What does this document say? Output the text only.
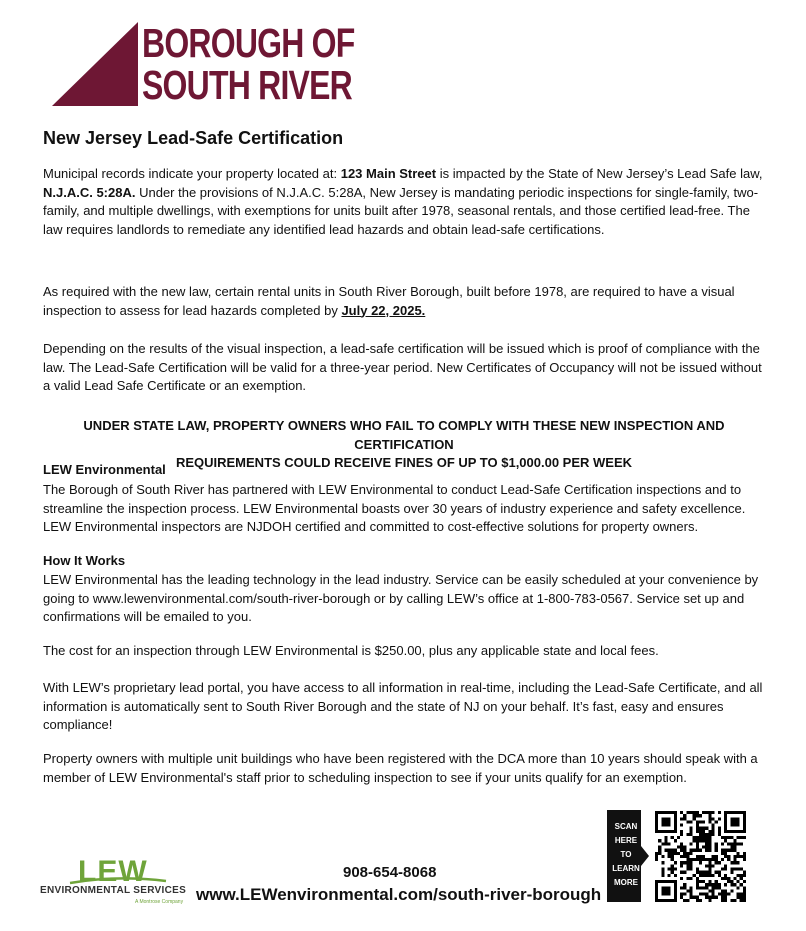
BOROUGH OF
SOUTH RIVER
New Jersey Lead-Safe Certification
Municipal records indicate your property located at: 123 Main Street is impacted by the State of New Jersey’s Lead Safe law, N.J.A.C. 5:28A. Under the provisions of N.J.A.C. 5:28A, New Jersey is mandating periodic inspections for single-family, two-family, and multiple dwellings, with exemptions for units built after 1978, seasonal rentals, and those certified lead-free. The law requires landlords to remediate any identified lead hazards and obtain lead-safe certifications.
As required with the new law, certain rental units in South River Borough, built before 1978, are required to have a visual inspection to assess for lead hazards completed by July 22, 2025.
Depending on the results of the visual inspection, a lead-safe certification will be issued which is proof of compliance with the law. The Lead-Safe Certification will be valid for a three-year period. New Certificates of Occupancy will not be issued without a valid Lead Safe Certificate or an exemption.
UNDER STATE LAW, PROPERTY OWNERS WHO FAIL TO COMPLY WITH THESE NEW INSPECTION AND CERTIFICATION
REQUIREMENTS COULD RECEIVE FINES OF UP TO $1,000.00 PER WEEK
LEW Environmental
The Borough of South River has partnered with LEW Environmental to conduct Lead-Safe Certification inspections and to streamline the inspection process. LEW Environmental boasts over 30 years of industry experience and safety excellence. LEW Environmental inspectors are NJDOH certified and committed to cost-effective solutions for property owners.
How It Works
LEW Environmental has the leading technology in the lead industry. Service can be easily scheduled at your convenience by going to www.lewenvironmental.com/south-river-borough or by calling LEW’s office at 1-800-783-0567. Service set up and confirmations will be emailed to you.
The cost for an inspection through LEW Environmental is $250.00, plus any applicable state and local fees.
With LEW’s proprietary lead portal, you have access to all information in real-time, including the Lead-Safe Certificate, and all information is automatically sent to South River Borough and the state of NJ on your behalf. It’s fast, easy and ensures compliance!
Property owners with multiple unit buildings who have been registered with the DCA more than 10 years should speak with a member of LEW Environmental's staff prior to scheduling inspection to see if your units qualify for an exemption.
LEW
ENVIRONMENTAL SERVICES
A Montrose Company
908-654-8068
www.LEWenvironmental.com/south-river-borough
SCAN
HERE
TO
LEARN
MORE
